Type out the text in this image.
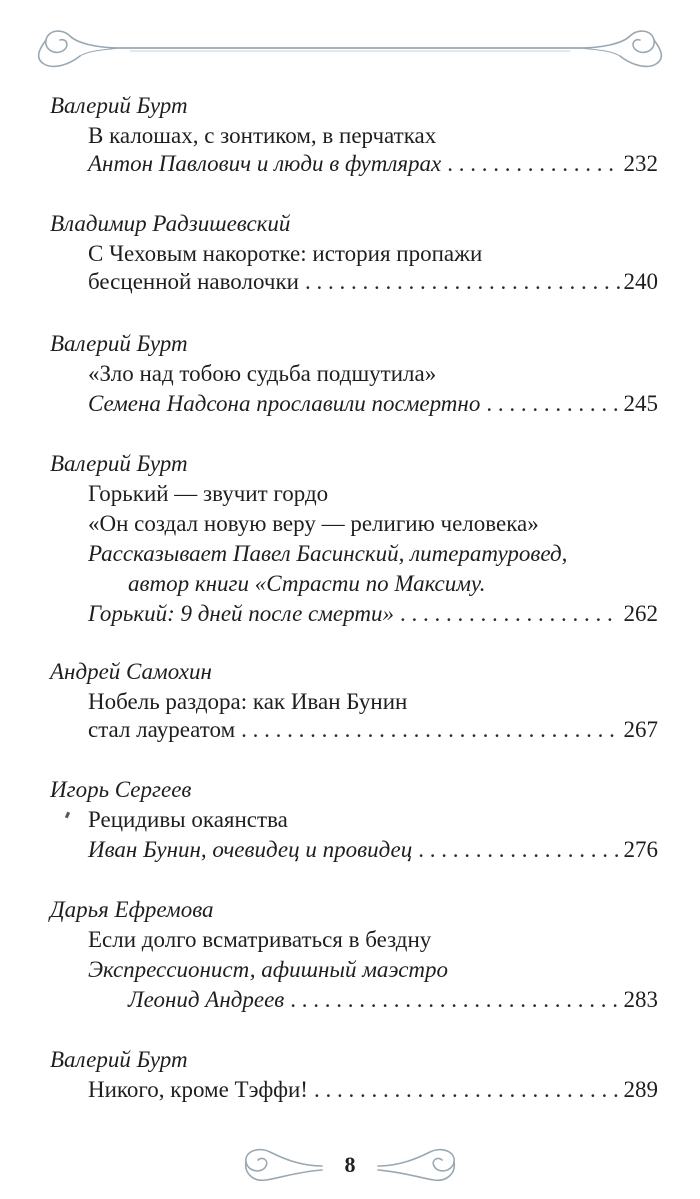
Валерий Бурт
В калошах, с зонтиком, в перчатках
Антон Павлович и люди в футлярах . . .	232
Владимир Радзишевский
С Чеховым накоротке: история пропажи
бесценной наволочки . . .	240
Валерий Бурт
«Зло над тобою судьба подшутила»
Семена Надсона прославили посмертно . . .	245
Валерий Бурт
Горький — звучит гордо
«Он создал новую веру — религию человека»
Рассказывает Павел Басинский, литературовед,
автор книги «Страсти по Максиму.
Горький: 9 дней после смерти» . . .	262
Андрей Самохин
Нобель раздора: как Иван Бунин
стал лауреатом . . .	267
Игорь Сергеев
Рецидивы окаянства
Иван Бунин, очевидец и провидец . . .	276
Дарья Ефремова
Если долго всматриваться в бездну
Экспрессионист, афишный маэстро
Леонид Андреев . . .	283
Валерий Бурт
Никого, кроме Тэффи! . . .	289
8
